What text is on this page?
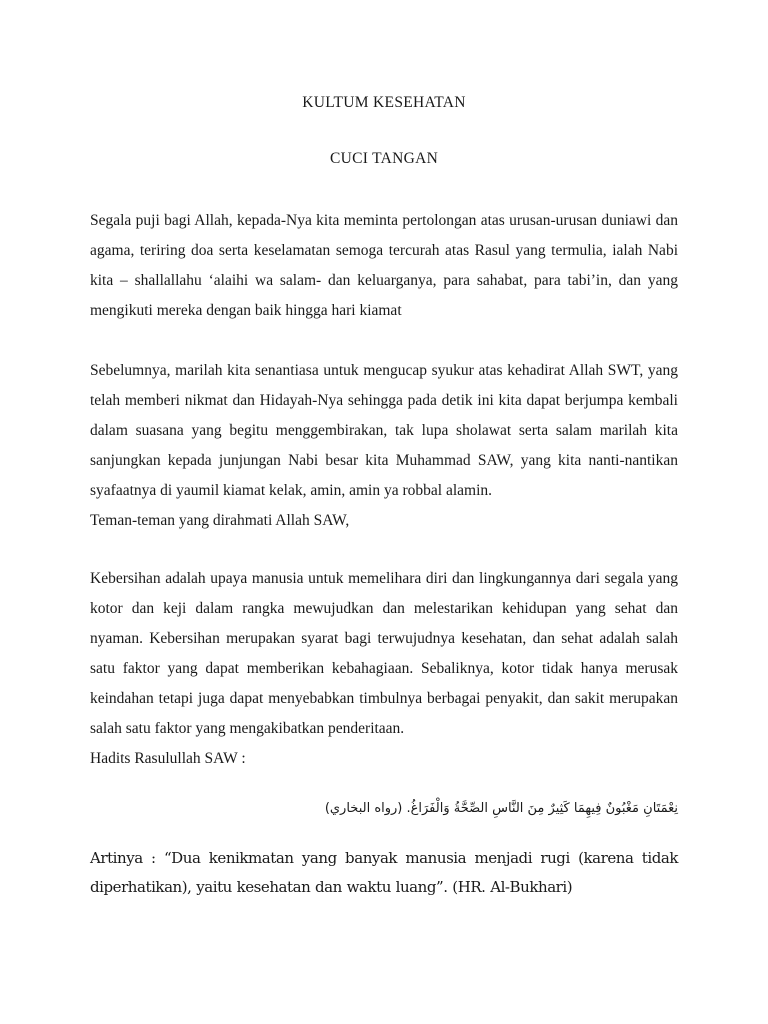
KULTUM KESEHATAN
CUCI TANGAN

Segala puji bagi Allah, kepada-Nya kita meminta pertolongan atas urusan-urusan duniawi dan agama, teriring doa serta keselamatan semoga tercurah atas Rasul yang termulia, ialah Nabi kita – shallallahu ‘alaihi wa salam- dan keluarganya, para sahabat, para tabi’in, dan yang mengikuti mereka dengan baik hingga hari kiamat

Sebelumnya, marilah kita senantiasa untuk mengucap syukur atas kehadirat Allah SWT, yang telah memberi nikmat dan Hidayah-Nya sehingga pada detik ini kita dapat berjumpa kembali dalam suasana yang begitu menggembirakan, tak lupa sholawat serta salam marilah kita sanjungkan kepada junjungan Nabi besar kita Muhammad SAW, yang kita nanti-nantikan syafaatnya di yaumil kiamat kelak, amin, amin ya robbal alamin.

Teman-teman yang dirahmati Allah SAW,

Kebersihan adalah upaya manusia untuk memelihara diri dan lingkungannya dari segala yang kotor dan keji dalam rangka mewujudkan dan melestarikan kehidupan yang sehat dan nyaman. Kebersihan merupakan syarat bagi terwujudnya kesehatan, dan sehat adalah salah satu faktor yang dapat memberikan kebahagiaan. Sebaliknya, kotor tidak hanya merusak keindahan tetapi juga dapat menyebabkan timbulnya berbagai penyakit, dan sakit merupakan salah satu faktor yang mengakibatkan penderitaan.

Hadits Rasulullah SAW :

نِعْمَتَانِ مَغْبُونٌ فِيهِمَا كَثِيرٌ مِنَ النَّاسِ الصِّحَّةُ وَالْفَرَاغُ. (رواه البخاري)

Artinya : “Dua kenikmatan yang banyak manusia menjadi rugi (karena tidak diperhatikan), yaitu kesehatan dan waktu luang”. (HR. Al-Bukhari)
